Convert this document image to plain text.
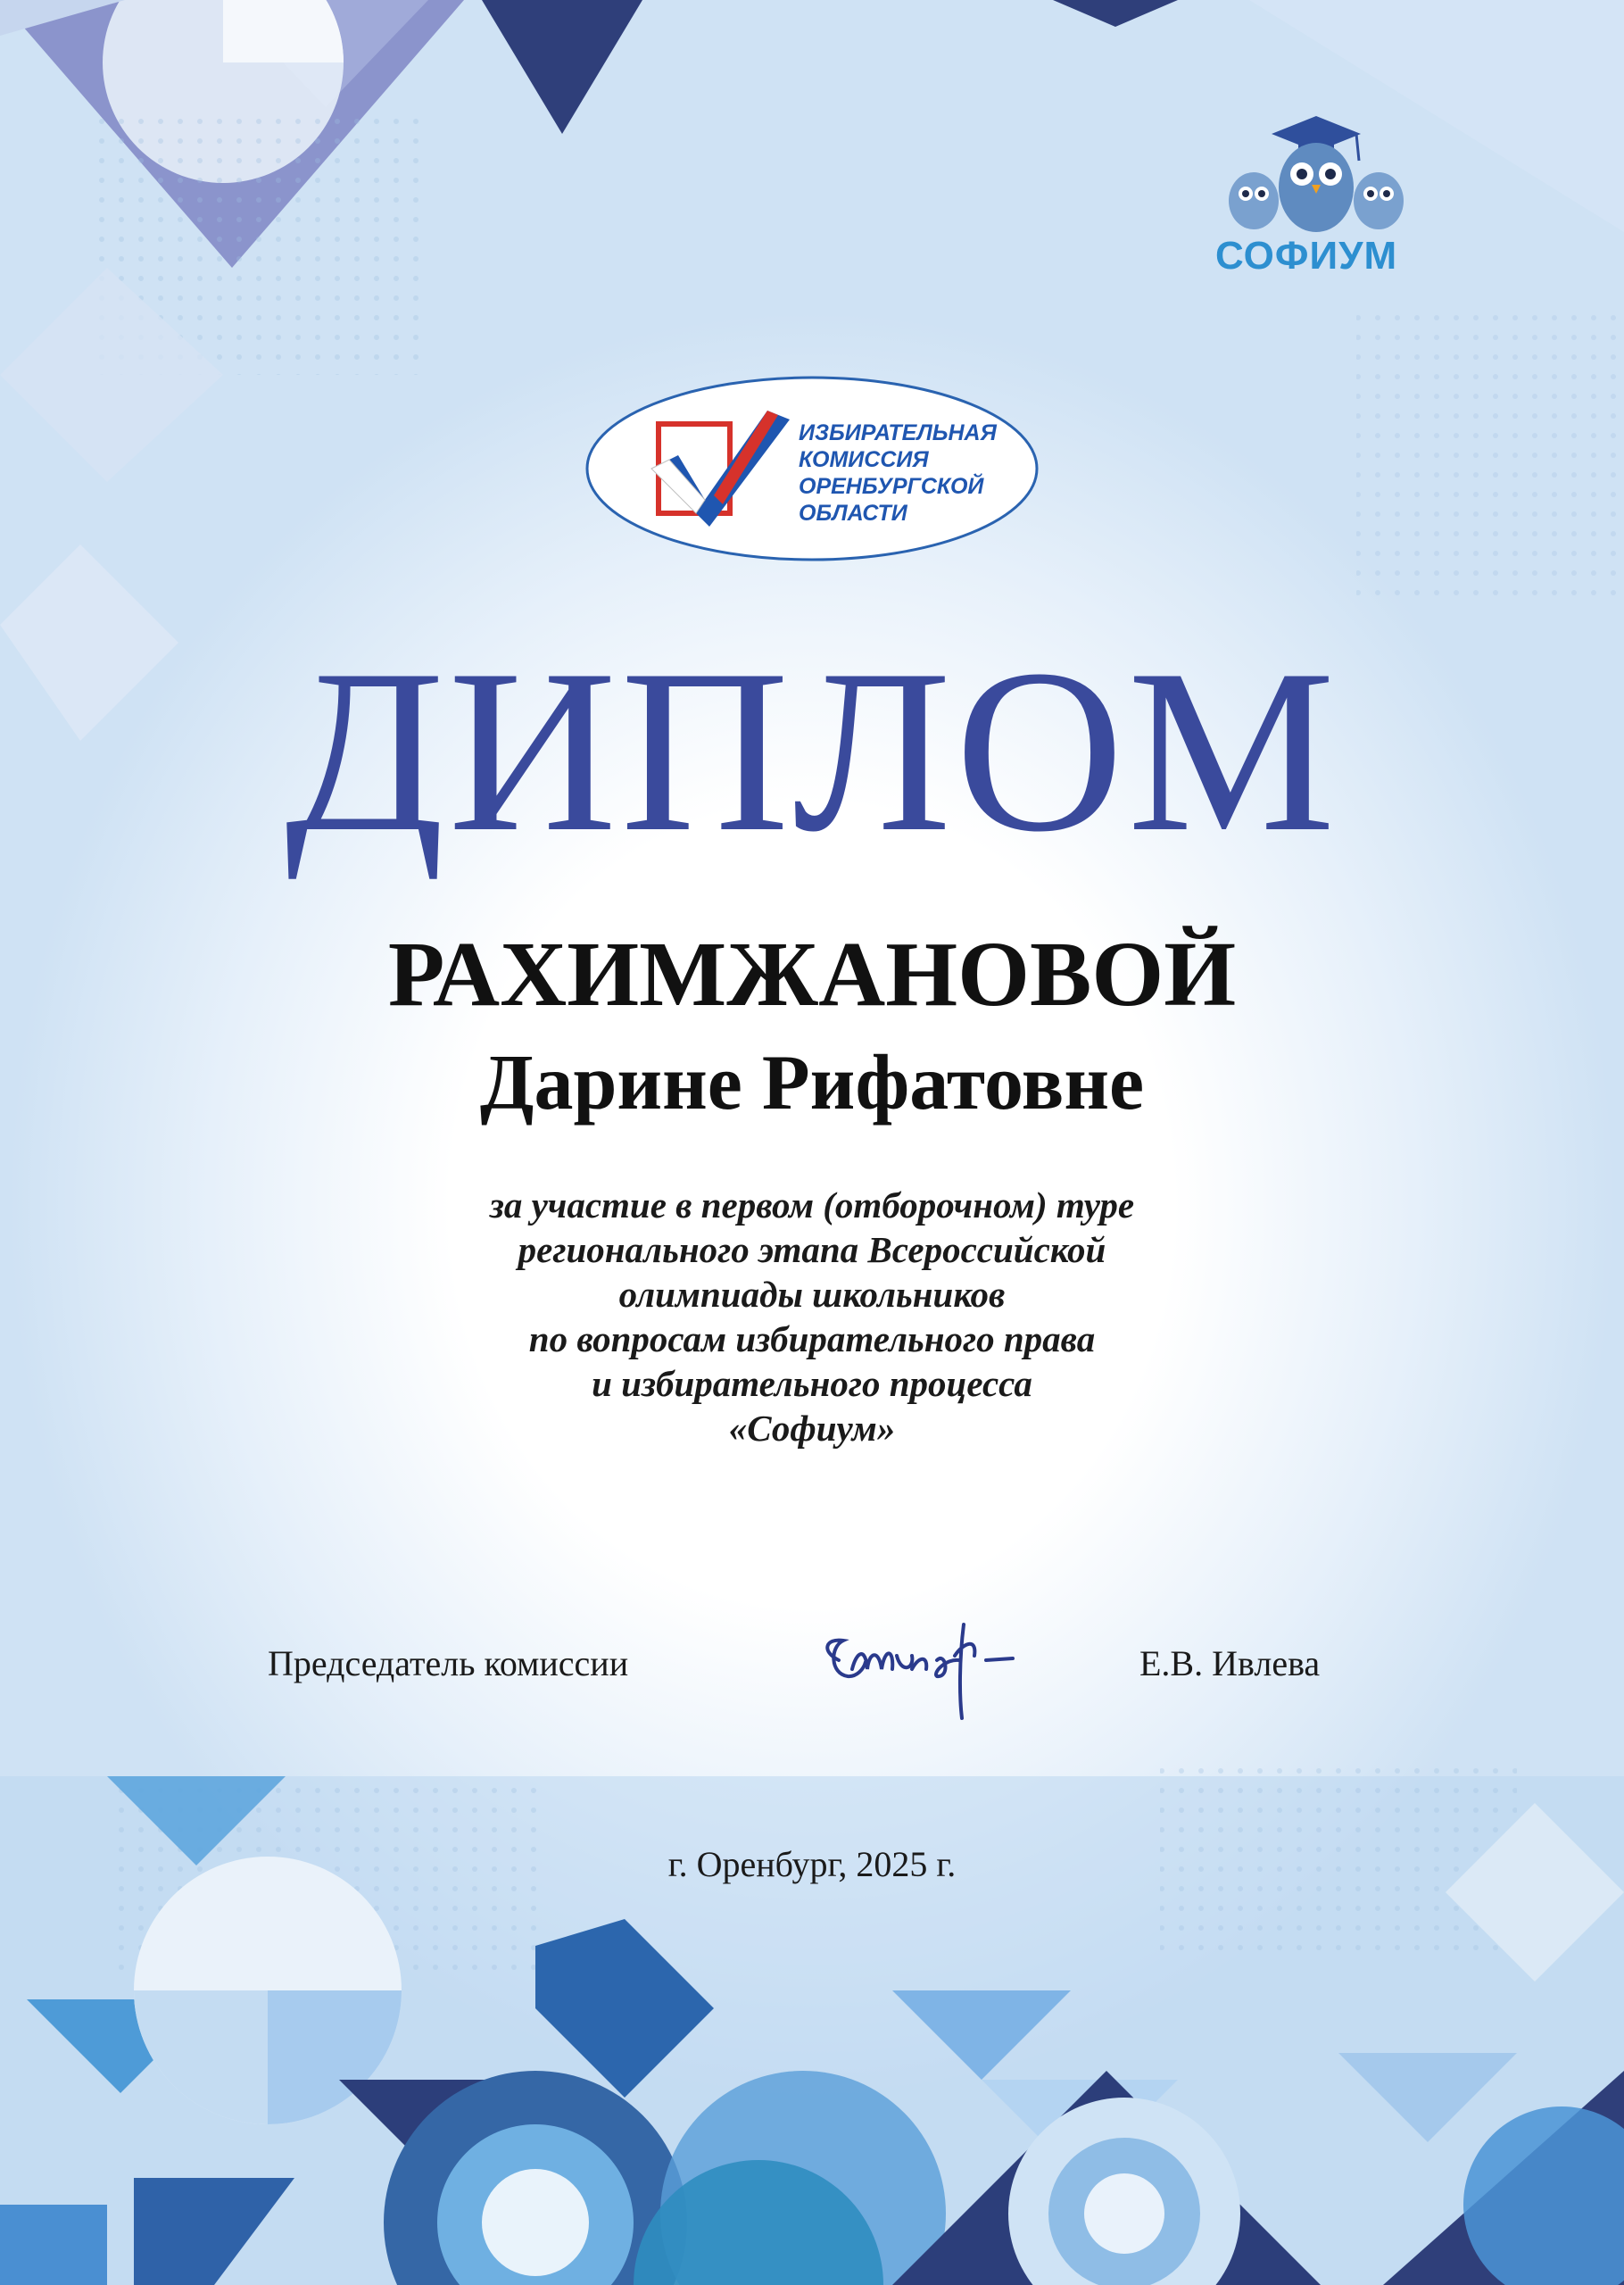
ИЗБИРАТЕЛЬНАЯ
КОМИССИЯ
ОРЕНБУРГСКОЙ
ОБЛАСТИ
СОФИУМ
ДИПЛОМ
РАХИМЖАНОВОЙ
Дарине Рифатовне
за участие в первом (отборочном) туре
регионального этапа Всероссийской
олимпиады школьников
по вопросам избирательного права
и избирательного процесса
«Софиум»
Председатель комиссии	Е.В. Ивлева
г. Оренбург, 2025 г.
